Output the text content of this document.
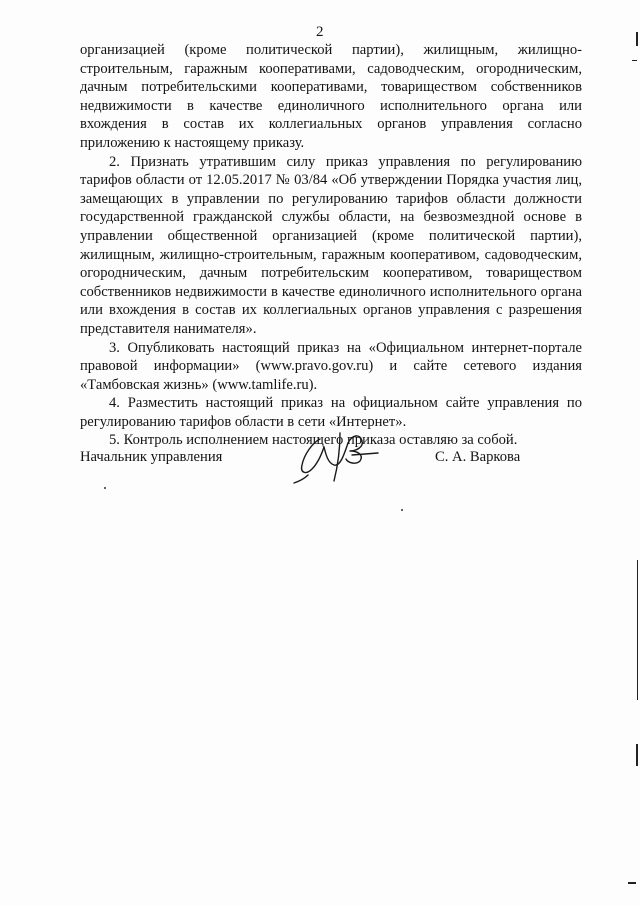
2

организацией (кроме политической партии), жилищным, жилищно-строительным, гаражным кооперативами, садоводческим, огородническим, дачным потребительскими кооперативами, товариществом собственников недвижимости в качестве единоличного исполнительного органа или вхождения в состав их коллегиальных органов управления согласно приложению к настоящему приказу.

2. Признать утратившим силу приказ управления по регулированию тарифов области от 12.05.2017 № 03/84 «Об утверждении Порядка участия лиц, замещающих в управлении по регулированию тарифов области должности государственной гражданской службы области, на безвозмездной основе в управлении общественной организацией (кроме политической партии), жилищным, жилищно-строительным, гаражным кооперативом, садоводческим, огородническим, дачным потребительским кооперативом, товариществом собственников недвижимости в качестве единоличного исполнительного органа или вхождения в состав их коллегиальных органов управления с разрешения представителя нанимателя».

3. Опубликовать настоящий приказ на «Официальном интернет-портале правовой информации» (www.pravo.gov.ru) и сайте сетевого издания «Тамбовская жизнь» (www.tamlife.ru).

4. Разместить настоящий приказ на официальном сайте управления по регулированию тарифов области в сети «Интернет».

5. Контроль исполнением настоящего приказа оставляю за собой.

Начальник управления	С. А. Варкова
